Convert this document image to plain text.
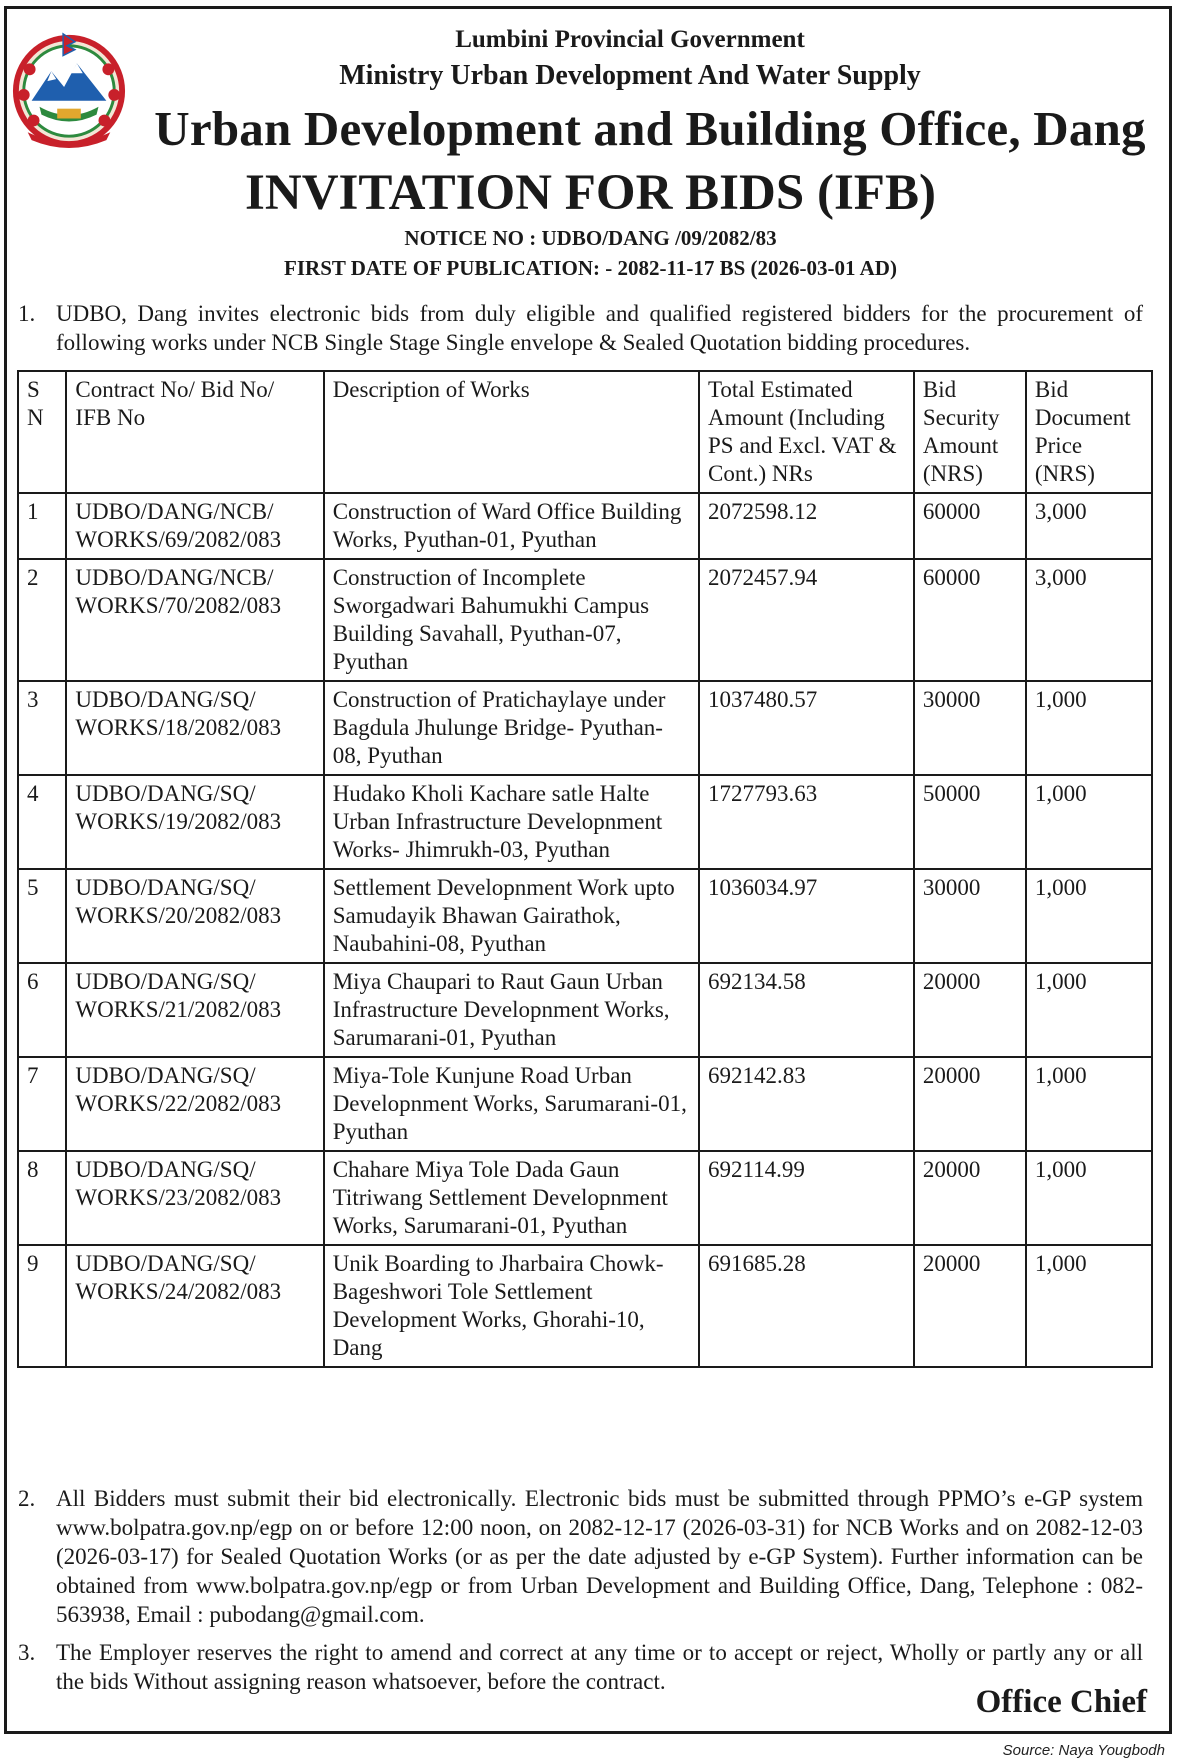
Lumbini Provincial Government
Ministry Urban Development And Water Supply
Urban Development and Building Office, Dang
INVITATION FOR BIDS (IFB)
NOTICE NO : UDBO/DANG /09/2082/83
FIRST DATE OF PUBLICATION: - 2082-11-17 BS (2026-03-01 AD)
1. UDBO, Dang invites electronic bids from duly eligible and qualified registered bidders for the procurement of following works under NCB Single Stage Single envelope & Sealed Quotation bidding procedures.
S N	Contract No/ Bid No/ IFB No	Description of Works	Total Estimated Amount (Including PS and Excl. VAT & Cont.) NRs	Bid Security Amount (NRS)	Bid Document Price (NRS)
1	UDBO/DANG/NCB/ WORKS/69/2082/083	Construction of Ward Office Building Works, Pyuthan-01, Pyuthan	2072598.12	60000	3,000
2	UDBO/DANG/NCB/ WORKS/70/2082/083	Construction of Incomplete Sworgadwari Bahumukhi Campus Building Savahall, Pyuthan-07, Pyuthan	2072457.94	60000	3,000
3	UDBO/DANG/SQ/ WORKS/18/2082/083	Construction of Pratichaylaye under Bagdula Jhulunge Bridge- Pyuthan-08, Pyuthan	1037480.57	30000	1,000
4	UDBO/DANG/SQ/ WORKS/19/2082/083	Hudako Kholi Kachare satle Halte Urban Infrastructure Developnment Works- Jhimrukh-03, Pyuthan	1727793.63	50000	1,000
5	UDBO/DANG/SQ/ WORKS/20/2082/083	Settlement Developnment Work upto Samudayik Bhawan Gairathok, Naubahini-08, Pyuthan	1036034.97	30000	1,000
6	UDBO/DANG/SQ/ WORKS/21/2082/083	Miya Chaupari to Raut Gaun Urban Infrastructure Developnment Works, Sarumarani-01, Pyuthan	692134.58	20000	1,000
7	UDBO/DANG/SQ/ WORKS/22/2082/083	Miya-Tole Kunjune Road Urban Developnment Works, Sarumarani-01, Pyuthan	692142.83	20000	1,000
8	UDBO/DANG/SQ/ WORKS/23/2082/083	Chahare Miya Tole Dada Gaun Titriwang Settlement Developnment Works, Sarumarani-01, Pyuthan	692114.99	20000	1,000
9	UDBO/DANG/SQ/ WORKS/24/2082/083	Unik Boarding to Jharbaira Chowk- Bageshwori Tole Settlement Development Works, Ghorahi-10, Dang	691685.28	20000	1,000
2. All Bidders must submit their bid electronically. Electronic bids must be submitted through PPMO’s e-GP system www.bolpatra.gov.np/egp on or before 12:00 noon, on 2082-12-17 (2026-03-31) for NCB Works and on 2082-12-03 (2026-03-17) for Sealed Quotation Works (or as per the date adjusted by e-GP System). Further information can be obtained from www.bolpatra.gov.np/egp or from Urban Development and Building Office, Dang, Telephone : 082-563938, Email : pubodang@gmail.com.
3. The Employer reserves the right to amend and correct at any time or to accept or reject, Wholly or partly any or all the bids Without assigning reason whatsoever, before the contract.
Office Chief
Source: Naya Yougbodh
